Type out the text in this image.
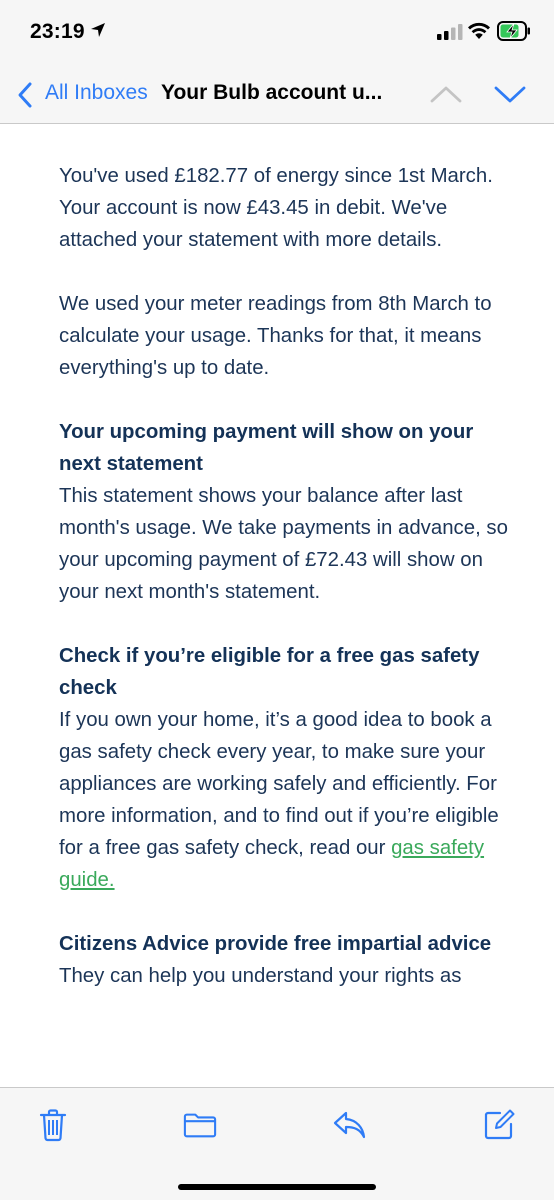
23:19
All Inboxes Your Bulb account u...

You've used £182.77 of energy since 1st March. Your account is now £43.45 in debit. We've attached your statement with more details.

We used your meter readings from 8th March to calculate your usage. Thanks for that, it means everything's up to date.

Your upcoming payment will show on your next statement
This statement shows your balance after last month's usage. We take payments in advance, so your upcoming payment of £72.43 will show on your next month's statement.
Check if you’re eligible for a free gas safety check
If you own your home, it’s a good idea to book a gas safety check every year, to make sure your appliances are working safely and efficiently. For more information, and to find out if you’re eligible for a free gas safety check, read our gas safety guide.
Citizens Advice provide free impartial advice
They can help you understand your rights as
